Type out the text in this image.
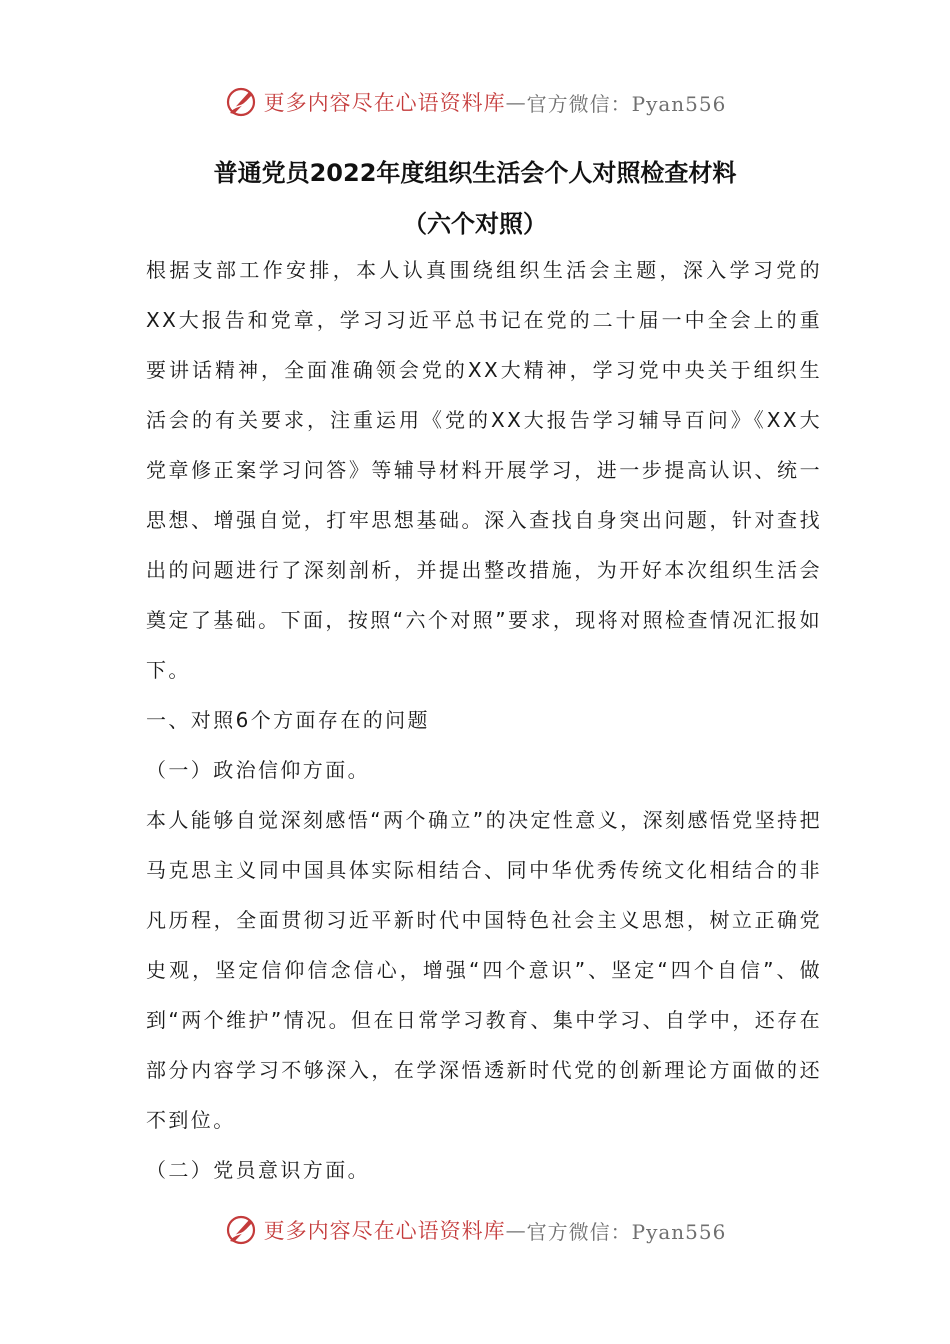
更多内容尽在心语资料库 — 官方微信：Pyan556
普通党员2022年度组织生活会个人对照检查材料
（六个对照）

根据支部工作安排，本人认真围绕组织生活会主题，深入学习党的XX大报告和党章，学习习近平总书记在党的二十届一中全会上的重要讲话精神，全面准确领会党的XX大精神，学习党中央关于组织生活会的有关要求，注重运用《党的XX大报告学习辅导百问》《XX大党章修正案学习问答》等辅导材料开展学习，进一步提高认识、统一思想、增强自觉，打牢思想基础。深入查找自身突出问题，针对查找出的问题进行了深刻剖析，并提出整改措施，为开好本次组织生活会奠定了基础。下面，按照“六个对照”要求，现将对照检查情况汇报如下。

一、对照6个方面存在的问题

（一）政治信仰方面。

本人能够自觉深刻感悟“两个确立”的决定性意义，深刻感悟党坚持把马克思主义同中国具体实际相结合、同中华优秀传统文化相结合的非凡历程，全面贯彻习近平新时代中国特色社会主义思想，树立正确党史观，坚定信仰信念信心，增强“四个意识”、坚定“四个自信”、做到“两个维护”情况。但在日常学习教育、集中学习、自学中，还存在部分内容学习不够深入，在学深悟透新时代党的创新理论方面做的还不到位。

（二）党员意识方面。

更多内容尽在心语资料库 — 官方微信：Pyan556
